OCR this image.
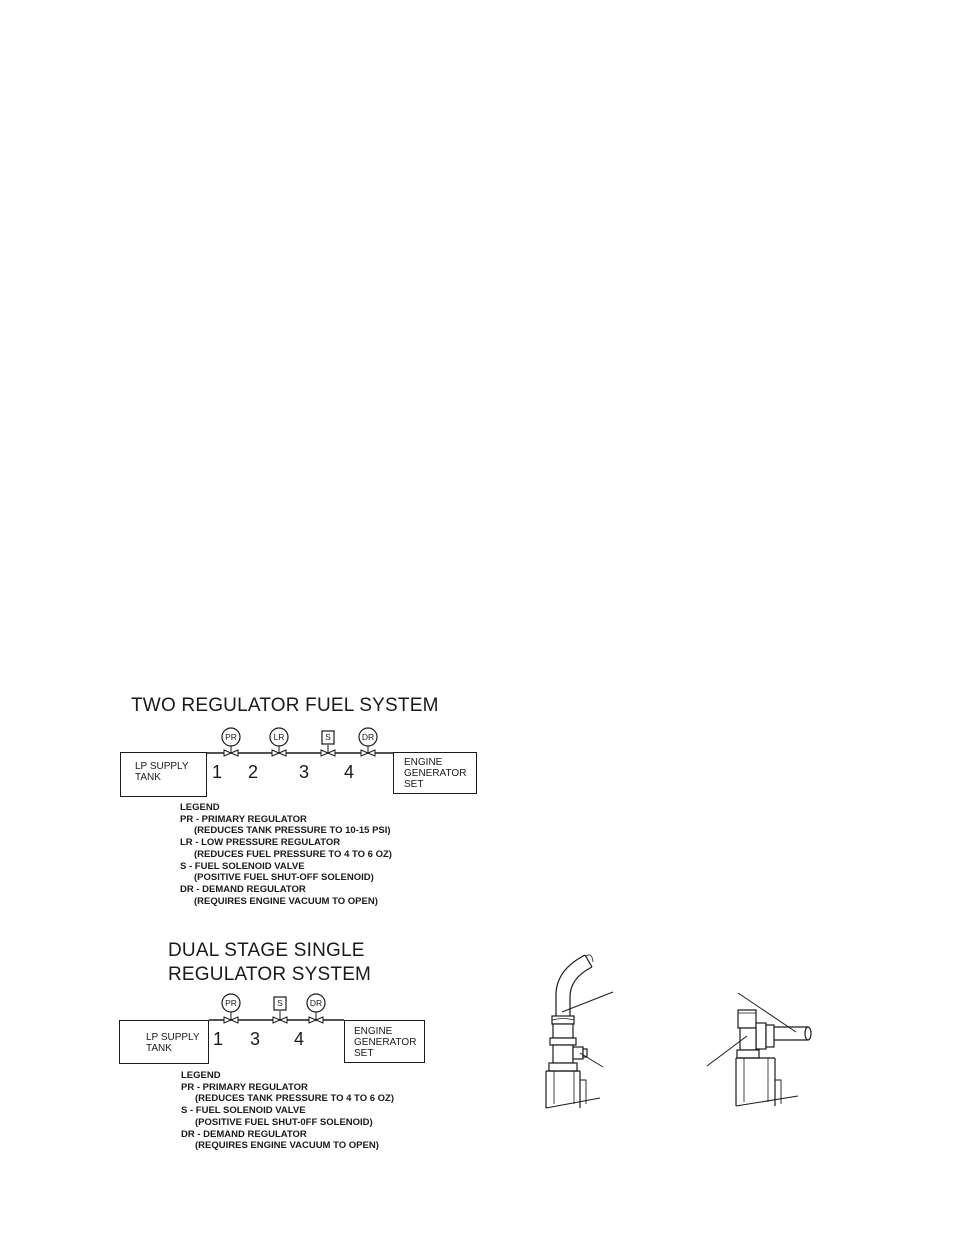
TWO REGULATOR FUEL SYSTEM
LP SUPPLY
TANK
ENGINE
GENERATOR
SET
PR	LR	S	DR
1 2 3 4
LEGEND
PR - PRIMARY REGULATOR
(REDUCES TANK PRESSURE TO 10-15 PSI)
LR - LOW PRESSURE REGULATOR
(REDUCES FUEL PRESSURE TO 4 TO 6 OZ)
S - FUEL SOLENOID VALVE
(POSITIVE FUEL SHUT-OFF SOLENOID)
DR - DEMAND REGULATOR
(REQUIRES ENGINE VACUUM TO OPEN)
DUAL STAGE SINGLE
REGULATOR SYSTEM
LP SUPPLY
TANK
ENGINE
GENERATOR
SET
PR	S	DR
1 3 4
LEGEND
PR - PRIMARY REGULATOR
(REDUCES TANK PRESSURE TO 4 TO 6 OZ)
S - FUEL SOLENOID VALVE
(POSITIVE FUEL SHUT-0FF SOLENOID)
DR - DEMAND REGULATOR
(REQUIRES ENGINE VACUUM TO OPEN)
